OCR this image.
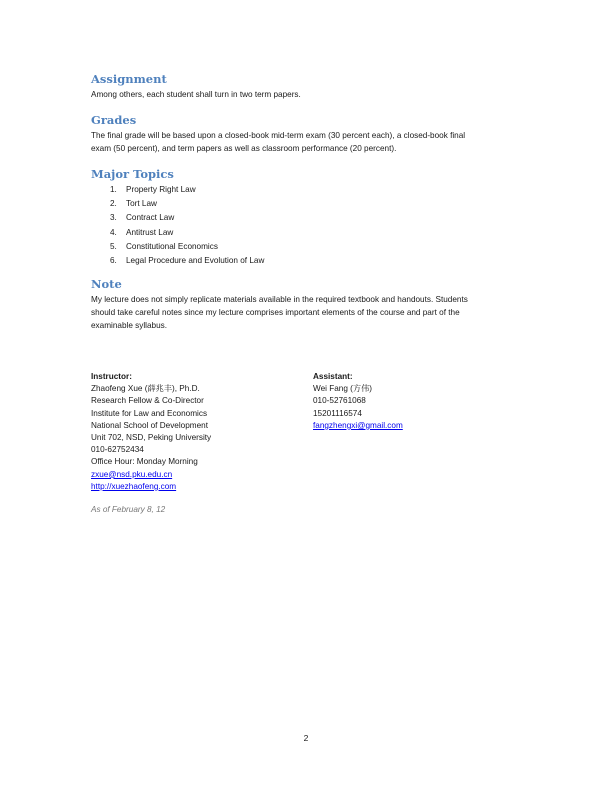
Assignment

Among others, each student shall turn in two term papers.

Grades

The final grade will be based upon a closed-book mid-term exam (30 percent each), a closed-book final
exam (50 percent), and term papers as well as classroom performance (20 percent).

Major Topics
1. Property Right Law
2. Tort Law
3. Contract Law
4. Antitrust Law
5. Constitutional Economics
6. Legal Procedure and Evolution of Law
Note

My lecture does not simply replicate materials available in the required textbook and handouts. Students
should take careful notes since my lecture comprises important elements of the course and part of the
examinable syllabus.

Instructor:
Zhaofeng Xue (薛兆丰), Ph.D.
Research Fellow & Co-Director
Institute for Law and Economics
National School of Development
Unit 702, NSD, Peking University
010-62752434
Office Hour: Monday Morning
zxue@nsd.pku.edu.cn
http://xuezhaofeng.com
Assistant:
Wei Fang (方伟)
010-52761068
15201116574
fangzhengxi@gmail.com
As of February 8, 12
2
